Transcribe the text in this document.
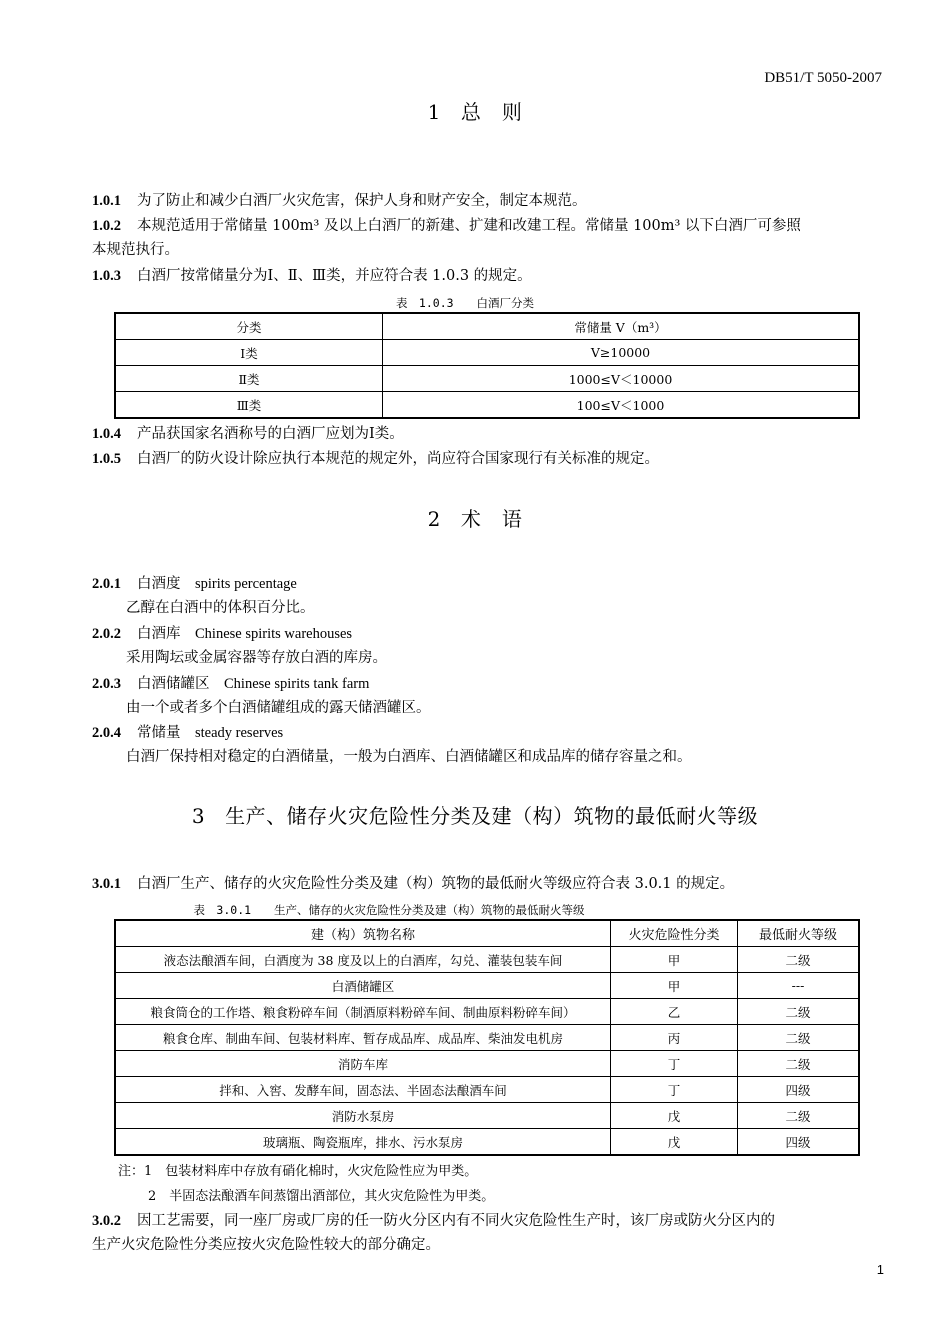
DB51/T 5050-2007
1 总　则
1.0.1 为了防止和减少白酒厂火灾危害，保护人身和财产安全，制定本规范。
1.0.2 本规范适用于常储量 100m³ 及以上白酒厂的新建、扩建和改建工程。常储量 100m³ 以下白酒厂可参照
本规范执行。
1.0.3 白酒厂按常储量分为Ⅰ、Ⅱ、Ⅲ类，并应符合表 1.0.3 的规定。
表　1.0.3　　白酒厂分类
分类	常储量 V（m³）
Ⅰ类	V≥10000
Ⅱ类	1000≤V＜10000
Ⅲ类	100≤V＜1000
1.0.4 产品获国家名酒称号的白酒厂应划为Ⅰ类。
1.0.5 白酒厂的防火设计除应执行本规范的规定外，尚应符合国家现行有关标准的规定。
2 术　语
2.0.1 白酒度　 spirits percentage
乙醇在白酒中的体积百分比。
2.0.2 白酒库　 Chinese spirits warehouses
采用陶坛或金属容器等存放白酒的库房。
2.0.3 白酒储罐区　 Chinese spirits tank farm
由一个或者多个白酒储罐组成的露天储酒罐区。
2.0.4 常储量　 steady reserves
白酒厂保持相对稳定的白酒储量，一般为白酒库、白酒储罐区和成品库的储存容量之和。
3 生产、储存火灾危险性分类及建（构）筑物的最低耐火等级
3.0.1 白酒厂生产、储存的火灾危险性分类及建（构）筑物的最低耐火等级应符合表 3.0.1 的规定。
表　3.0.1　　生产、储存的火灾危险性分类及建（构）筑物的最低耐火等级
建（构）筑物名称	火灾危险性分类	最低耐火等级
液态法酿酒车间，白酒度为 38 度及以上的白酒库，勾兑、灌装包装车间	甲	二级
白酒储罐区	甲	---
粮食筒仓的工作塔、粮食粉碎车间（制酒原料粉碎车间、制曲原料粉碎车间）	乙	二级
粮食仓库、制曲车间、包装材料库、暂存成品库、成品库、柴油发电机房	丙	二级
消防车库	丁	二级
拌和、入窖、发酵车间，固态法、半固态法酿酒车间	丁	四级
消防水泵房	戊	二级
玻璃瓶、陶瓷瓶库，排水、污水泵房	戊	四级
注：1　包装材料库中存放有硝化棉时，火灾危险性应为甲类。
2　半固态法酿酒车间蒸馏出酒部位，其火灾危险性为甲类。
3.0.2 因工艺需要，同一座厂房或厂房的任一防火分区内有不同火灾危险性生产时，该厂房或防火分区内的
生产火灾危险性分类应按火灾危险性较大的部分确定。
1
